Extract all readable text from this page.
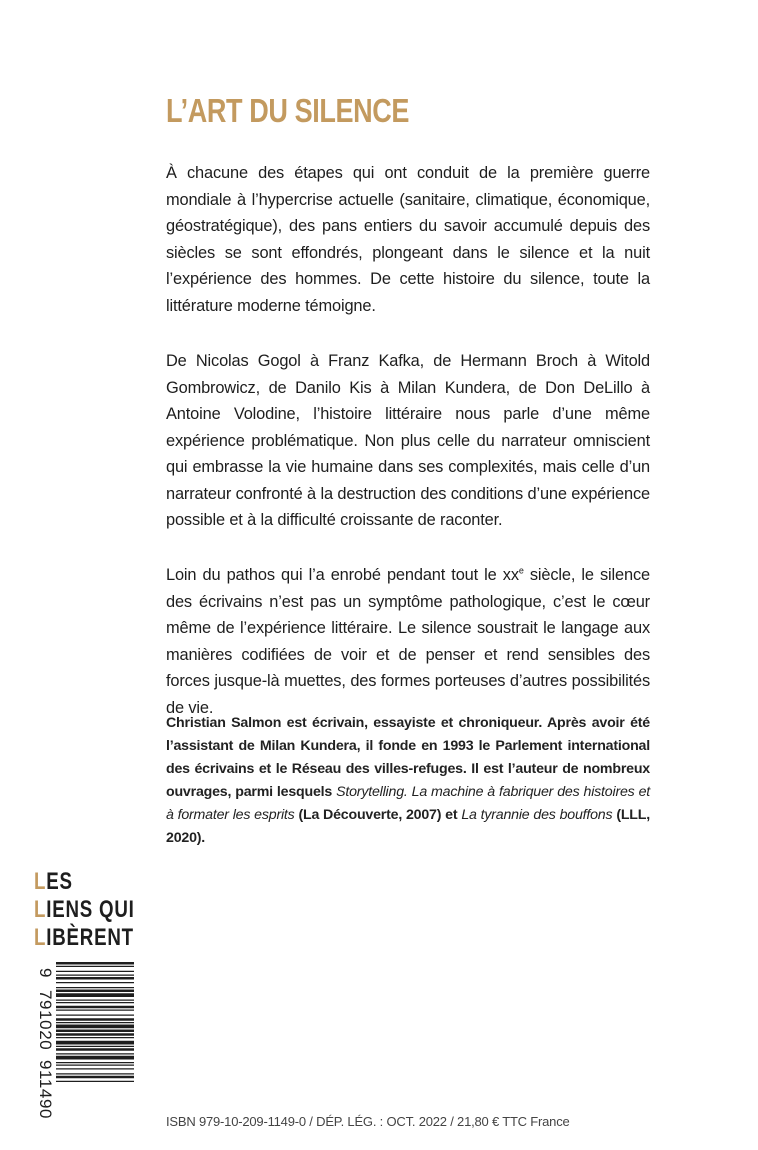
L’ART DU SILENCE

À chacune des étapes qui ont conduit de la première guerre mondiale à l’hypercrise actuelle (sanitaire, climatique, économique, géostratégique), des pans entiers du savoir accumulé depuis des siècles se sont effondrés, plongeant dans le silence et la nuit l’expérience des hommes. De cette histoire du silence, toute la littérature moderne témoigne.

De Nicolas Gogol à Franz Kafka, de Hermann Broch à Witold Gombrowicz, de Danilo Kis à Milan Kundera, de Don DeLillo à Antoine Volodine, l’histoire littéraire nous parle d’une même expérience problématique. Non plus celle du narrateur omniscient qui embrasse la vie humaine dans ses complexités, mais celle d’un narrateur confronté à la destruction des conditions d’une expérience possible et à la difficulté croissante de raconter.

Loin du pathos qui l’a enrobé pendant tout le $xx^e$ siècle, le silence des écrivains n’est pas un symptôme pathologique, c’est le cœur même de l’expérience littéraire. Le silence soustrait le langage aux manières codifiées de voir et de penser et rend sensibles des forces jusque-là muettes, des formes porteuses d’autres possibilités de vie.

Christian Salmon est écrivain, essayiste et chroniqueur. Après avoir été l’assistant de Milan Kundera, il fonde en 1993 le Parlement international des écrivains et le Réseau des villes-refuges. Il est l’auteur de nombreux ouvrages, parmi lesquels Storytelling. La machine à fabriquer des histoires et à formater les esprits (La Découverte, 2007) et La tyrannie des bouffons (LLL, 2020).

LES
LIENS QUI
LIBÈRENT
9
791020
911490
ISBN 979-10-209-1149-0 / DÉP. LÉG. : OCT. 2022 / 21,80 € TTC France
